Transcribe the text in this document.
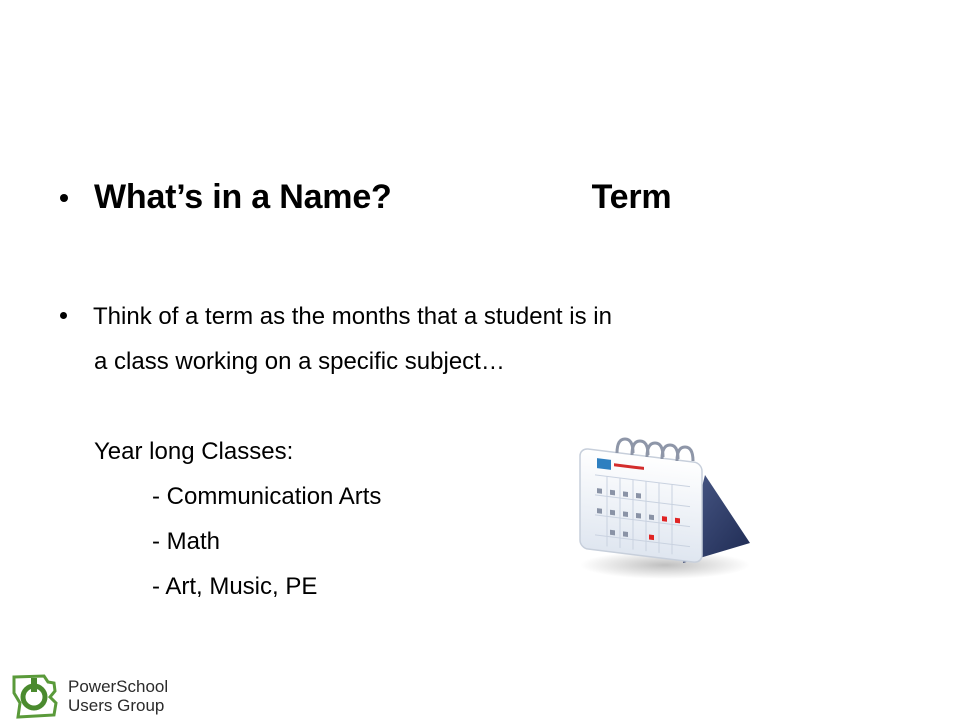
What’s in a Name?	Term
Think of a term as the months that a student is in
a class working on a specific subject…
Year long Classes:
- Communication Arts
- Math
- Art, Music, PE
PowerSchool
Users Group
